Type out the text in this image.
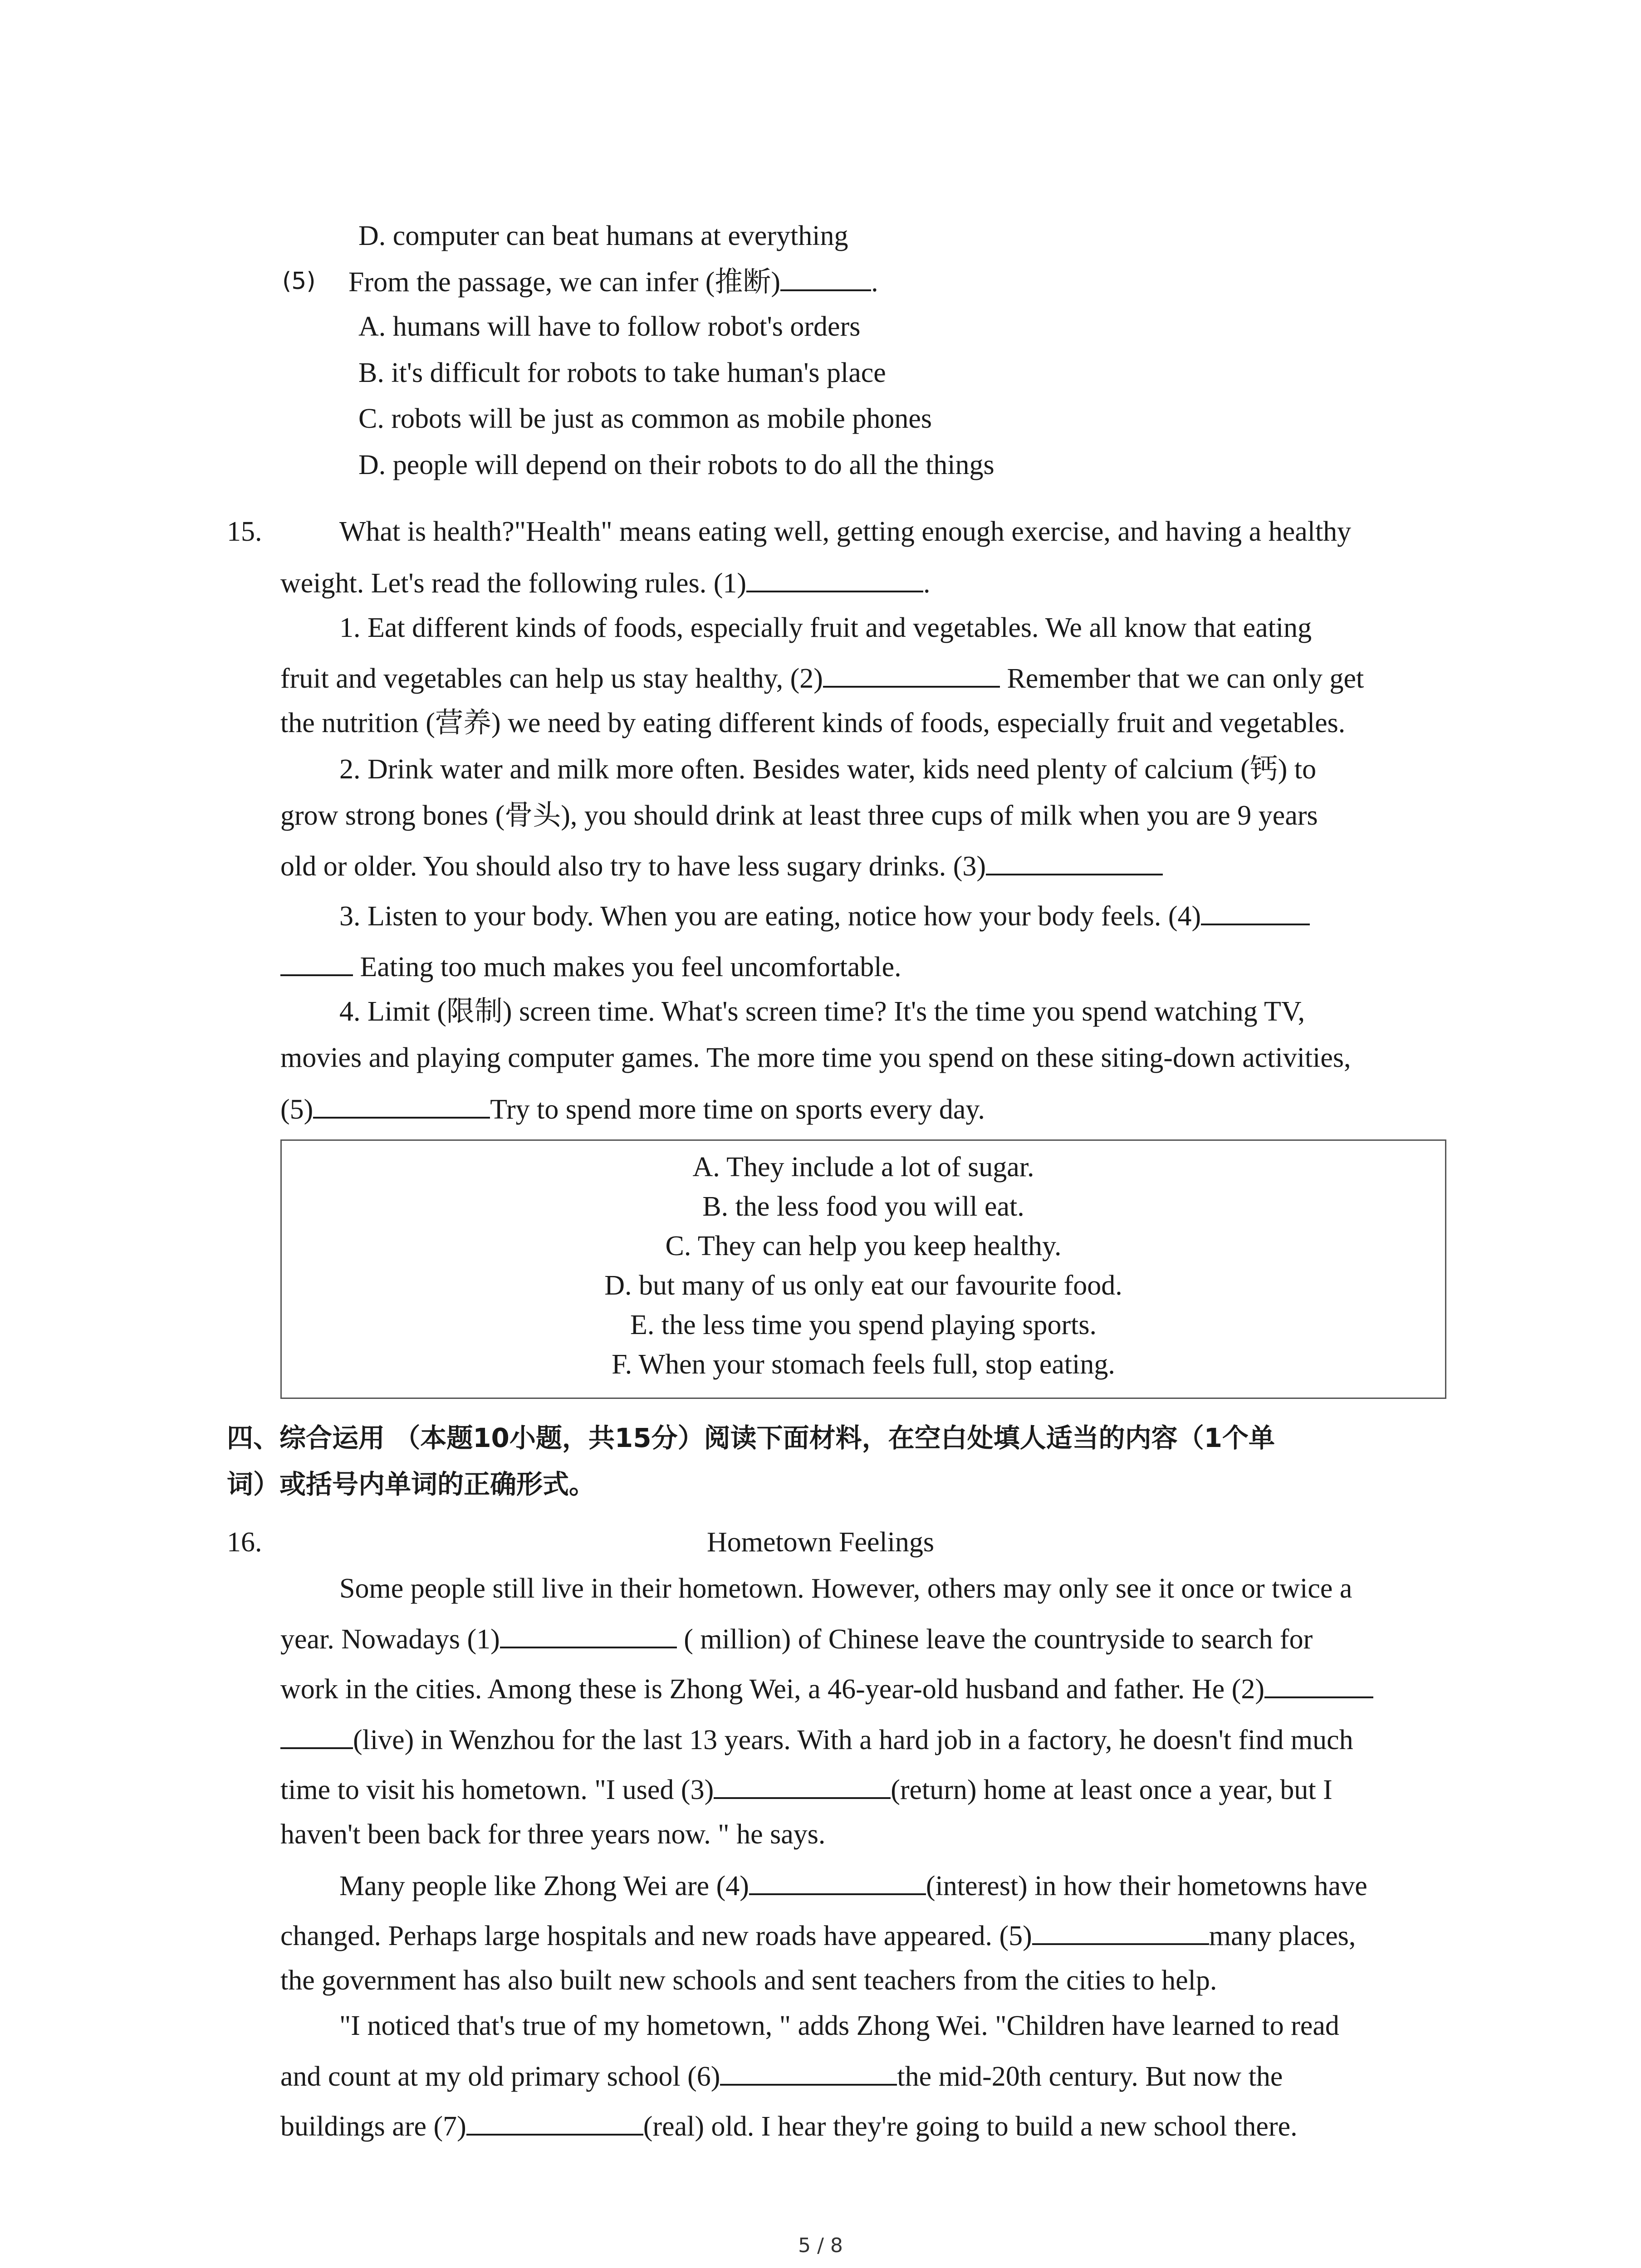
D. computer can beat humans at everything
(5) From the passage, we can infer (推断)	.
A. humans will have to follow robot's orders
B. it's difficult for robots to take human's place
C. robots will be just as common as mobile phones
D. people will depend on their robots to do all the things
15.	What is health?"Health" means eating well, getting enough exercise, and having a healthy
weight. Let's read the following rules. (1)	.
1. Eat different kinds of foods, especially fruit and vegetables. We all know that eating
fruit and vegetables can help us stay healthy, (2)	Remember that we can only get
the nutrition (营养) we need by eating different kinds of foods, especially fruit and vegetables.
2. Drink water and milk more often. Besides water, kids need plenty of calcium (钙) to
grow strong bones (骨头), you should drink at least three cups of milk when you are 9 years
old or older. You should also try to have less sugary drinks. (3)
3. Listen to your body. When you are eating, notice how your body feels. (4)
Eating too much makes you feel uncomfortable.
4. Limit (限制) screen time. What's screen time? It's the time you spend watching TV,
movies and playing computer games. The more time you spend on these siting-down activities,
(5)	Try to spend more time on sports every day.
A. They include a lot of sugar.
B. the less food you will eat.
C. They can help you keep healthy.
D. but many of us only eat our favourite food.
E. the less time you spend playing sports.
F. When your stomach feels full, stop eating.
四、综合运用 （本题10小题，共15分）阅读下面材料，在空白处填人适当的内容（1个单
词）或括号内单词的正确形式。
16.	Hometown Feelings
Some people still live in their hometown. However, others may only see it once or twice a
year. Nowadays (1)	( million) of Chinese leave the countryside to search for
work in the cities. Among these is Zhong Wei, a 46-year-old husband and father. He (2)
(live) in Wenzhou for the last 13 years. With a hard job in a factory, he doesn't find much
time to visit his hometown. "I used (3)	(return) home at least once a year, but I
haven't been back for three years now. " he says.
Many people like Zhong Wei are (4)	(interest) in how their hometowns have
changed. Perhaps large hospitals and new roads have appeared. (5)	many places,
the government has also built new schools and sent teachers from the cities to help.
"I noticed that's true of my hometown, " adds Zhong Wei. "Children have learned to read
and count at my old primary school (6)	the mid-20th century. But now the
buildings are (7)	(real) old. I hear they're going to build a new school there.
5 / 8
